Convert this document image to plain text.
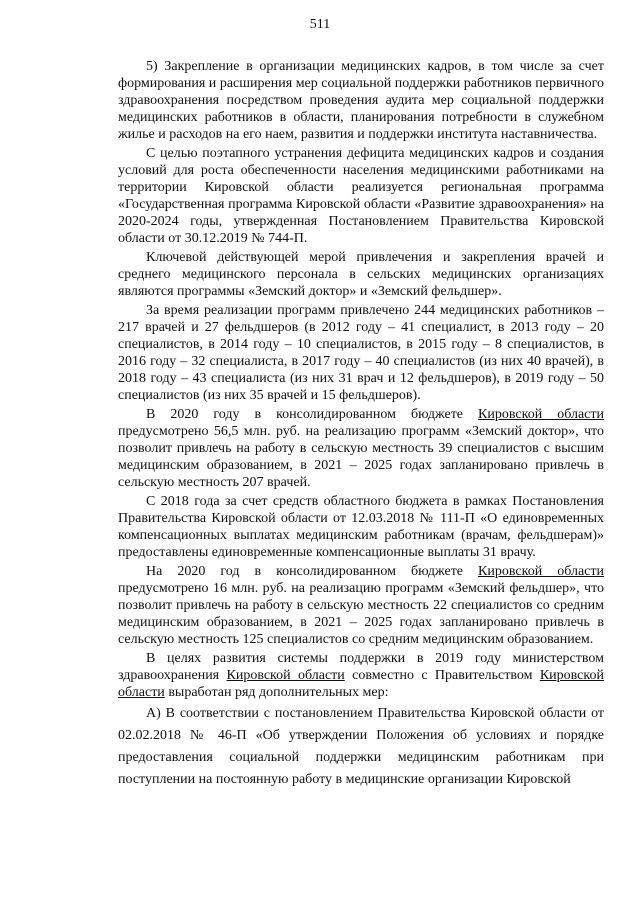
511

5) Закрепление в организации медицинских кадров, в том числе за счет формирования и расширения мер социальной поддержки работников первичного здравоохранения посредством проведения аудита мер социальной поддержки медицинских работников в области, планирования потребности в служебном жилье и расходов на его наем, развития и поддержки института наставничества.

С целью поэтапного устранения дефицита медицинских кадров и создания условий для роста обеспеченности населения медицинскими работниками на территории Кировской области реализуется региональная программа «Государственная программа Кировской области «Развитие здравоохранения» на 2020-2024 годы, утвержденная Постановлением Правительства Кировской области от 30.12.2019 № 744-П.

Ключевой действующей мерой привлечения и закрепления врачей и среднего медицинского персонала в сельских медицинских организациях являются программы «Земский доктор» и «Земский фельдшер».

За время реализации программ привлечено 244 медицинских работников – 217 врачей и 27 фельдшеров (в 2012 году – 41 специалист, в 2013 году – 20 специалистов, в 2014 году – 10 специалистов, в 2015 году – 8 специалистов, в 2016 году – 32 специалиста, в 2017 году – 40 специалистов (из них 40 врачей), в 2018 году – 43 специалиста (из них 31 врач и 12 фельдшеров), в 2019 году – 50 специалистов (из них 35 врачей и 15 фельдшеров).

В 2020 году в консолидированном бюджете Кировской области предусмотрено 56,5 млн. руб. на реализацию программ «Земский доктор», что позволит привлечь на работу в сельскую местность 39 специалистов с высшим медицинским образованием, в 2021 – 2025 годах запланировано привлечь в сельскую местность 207 врачей.

С 2018 года за счет средств областного бюджета в рамках Постановления Правительства Кировской области от 12.03.2018 № 111-П «О единовременных компенсационных выплатах медицинским работникам (врачам, фельдшерам)» предоставлены единовременные компенсационные выплаты 31 врачу.

На 2020 год в консолидированном бюджете Кировской области предусмотрено 16 млн. руб. на реализацию программ «Земский фельдшер», что позволит привлечь на работу в сельскую местность 22 специалистов со средним медицинским образованием, в 2021 – 2025 годах запланировано привлечь в сельскую местность 125 специалистов со средним медицинским образованием.

В целях развития системы поддержки в 2019 году министерством здравоохранения Кировской области совместно с Правительством Кировской области выработан ряд дополнительных мер:

А) В соответствии с постановлением Правительства Кировской области от 02.02.2018 № 46-П «Об утверждении Положения об условиях и порядке предоставления социальной поддержки медицинским работникам при поступлении на постоянную работу в медицинские организации Кировской
